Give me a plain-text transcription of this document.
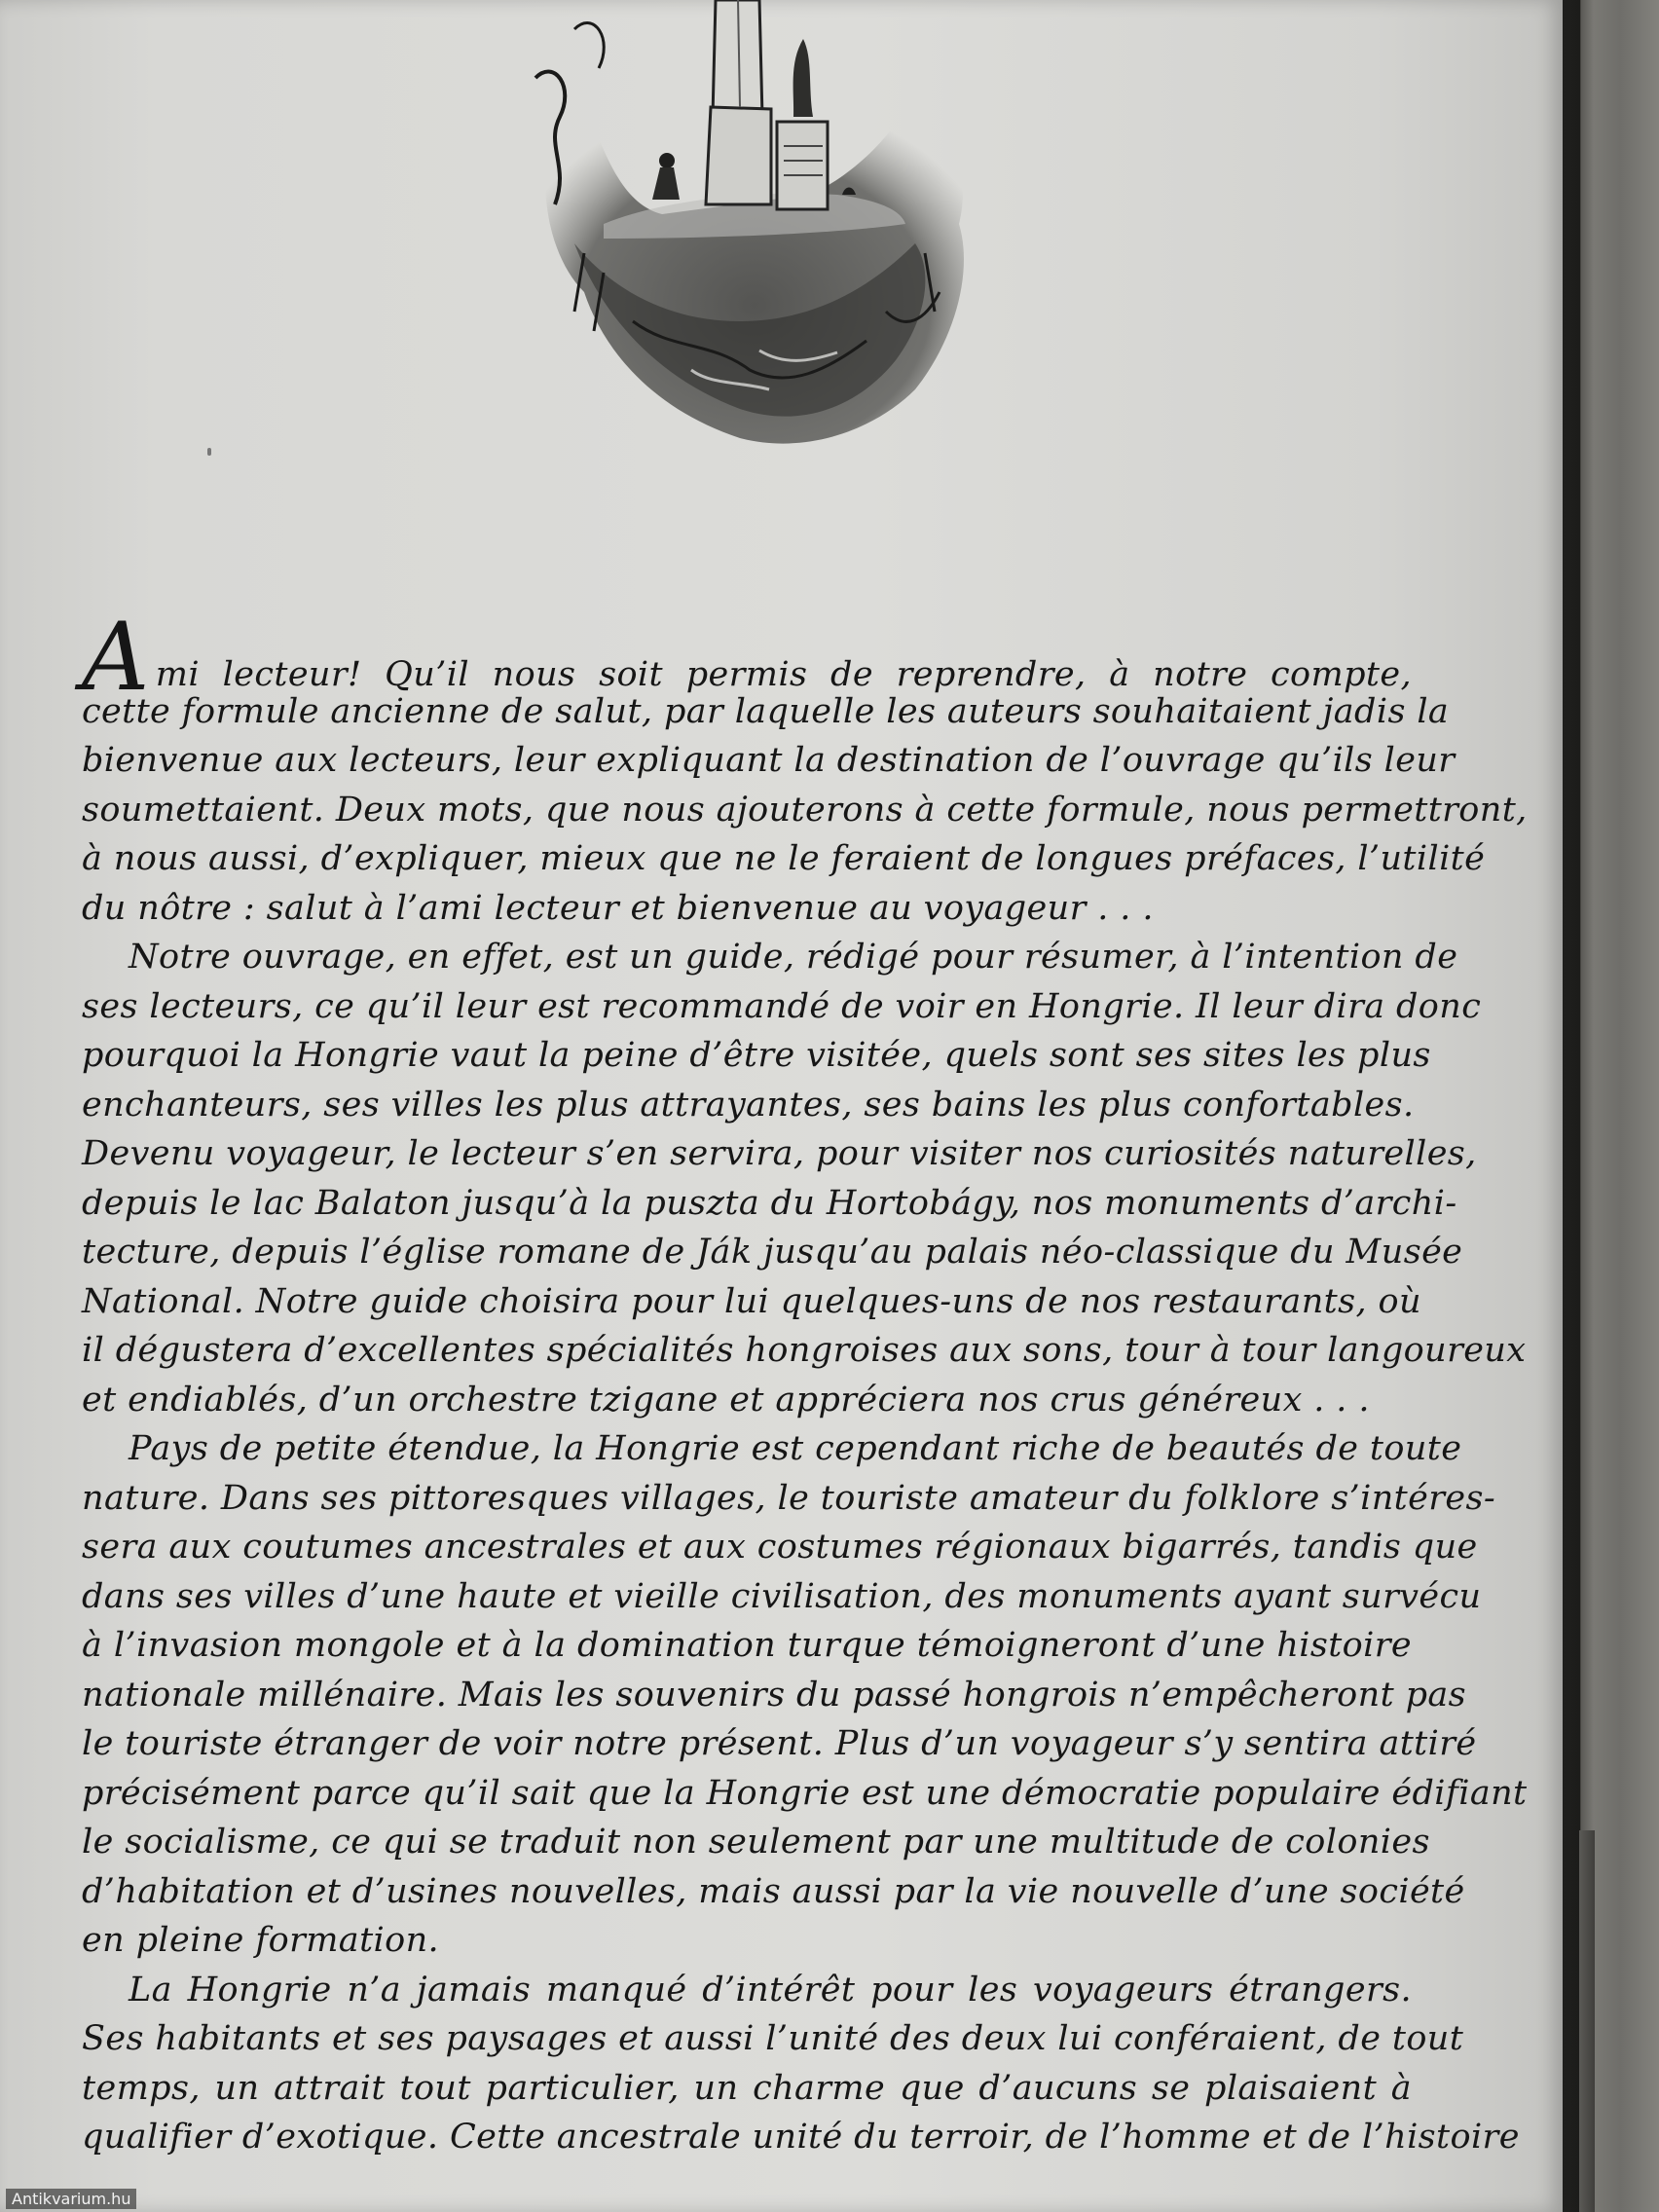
Ami lecteur! Qu’il nous soit permis de reprendre, à notre compte,
cette formule ancienne de salut, par laquelle les auteurs souhaitaient jadis la
bienvenue aux lecteurs, leur expliquant la destination de l’ouvrage qu’ils leur
soumettaient. Deux mots, que nous ajouterons à cette formule, nous permettront,
à nous aussi, d’expliquer, mieux que ne le feraient de longues préfaces, l’utilité
du nôtre : salut à l’ami lecteur et bienvenue au voyageur . . .
Notre ouvrage, en effet, est un guide, rédigé pour résumer, à l’intention de
ses lecteurs, ce qu’il leur est recommandé de voir en Hongrie. Il leur dira donc
pourquoi la Hongrie vaut la peine d’être visitée, quels sont ses sites les plus
enchanteurs, ses villes les plus attrayantes, ses bains les plus confortables.
Devenu voyageur, le lecteur s’en servira, pour visiter nos curiosités naturelles,
depuis le lac Balaton jusqu’à la puszta du Hortobágy, nos monuments d’archi-
tecture, depuis l’église romane de Ják jusqu’au palais néo-classique du Musée
National. Notre guide choisira pour lui quelques-uns de nos restaurants, où
il dégustera d’excellentes spécialités hongroises aux sons, tour à tour langoureux
et endiablés, d’un orchestre tzigane et appréciera nos crus généreux . . .
Pays de petite étendue, la Hongrie est cependant riche de beautés de toute
nature. Dans ses pittoresques villages, le touriste amateur du folklore s’intéres-
sera aux coutumes ancestrales et aux costumes régionaux bigarrés, tandis que
dans ses villes d’une haute et vieille civilisation, des monuments ayant survécu
à l’invasion mongole et à la domination turque témoigneront d’une histoire
nationale millénaire. Mais les souvenirs du passé hongrois n’empêcheront pas
le touriste étranger de voir notre présent. Plus d’un voyageur s’y sentira attiré
précisément parce qu’il sait que la Hongrie est une démocratie populaire édifiant
le socialisme, ce qui se traduit non seulement par une multitude de colonies
d’habitation et d’usines nouvelles, mais aussi par la vie nouvelle d’une société
en pleine formation.
La Hongrie n’a jamais manqué d’intérêt pour les voyageurs étrangers.
Ses habitants et ses paysages et aussi l’unité des deux lui conféraient, de tout
temps, un attrait tout particulier, un charme que d’aucuns se plaisaient à
qualifier d’exotique. Cette ancestrale unité du terroir, de l’homme et de l’histoire
Antikvarium.hu
